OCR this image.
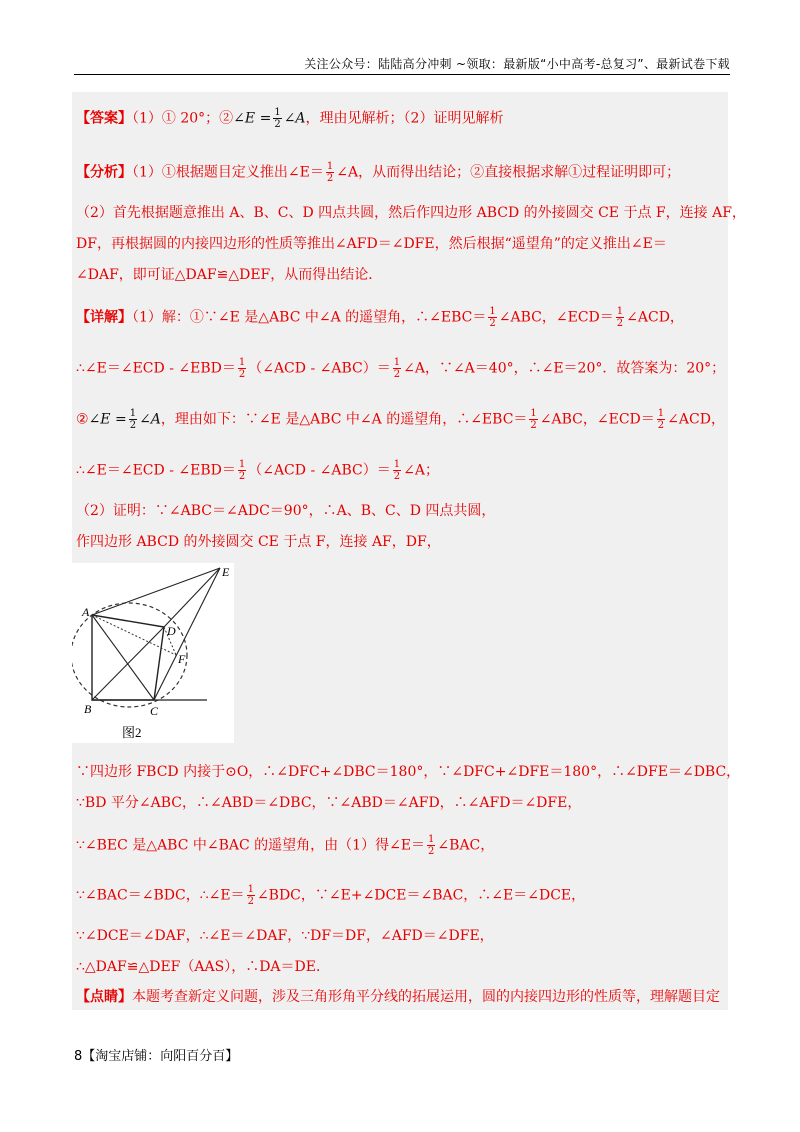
关注公众号：陆陆高分冲刺 ~领取：最新版“小中高考-总复习”、最新试卷下载
【答案】（1）① 20°；②∠E = $\frac{1}{2}$ ∠A，理由见解析；（2）证明见解析
【分析】（1）①根据题目定义推出∠E＝ $\frac{1}{2}$ ∠A，从而得出结论；②直接根据求解①过程证明即可；
（2）首先根据题意推出 A、B、C、D 四点共圆，然后作四边形 ABCD 的外接圆交 CE 于点 F，连接 AF，
DF，再根据圆的内接四边形的性质等推出∠AFD＝∠DFE，然后根据“遥望角”的定义推出∠E＝
∠DAF，即可证△DAF≌△DEF，从而得出结论．
【详解】（1）解：①∵∠E 是△ABC 中∠A 的遥望角，∴∠EBC＝ $\frac{1}{2}$ ∠ABC，∠ECD＝ $\frac{1}{2}$ ∠ACD，
∴∠E＝∠ECD - ∠EBD＝ $\frac{1}{2}$ （∠ACD - ∠ABC）＝ $\frac{1}{2}$ ∠A，∵∠A＝40°，∴∠E＝20°．故答案为：20°；
②∠E = $\frac{1}{2}$ ∠A，理由如下：∵∠E 是△ABC 中∠A 的遥望角，∴∠EBC＝ $\frac{1}{2}$ ∠ABC，∠ECD＝ $\frac{1}{2}$ ∠ACD，
∴∠E＝∠ECD - ∠EBD＝ $\frac{1}{2}$ （∠ACD - ∠ABC）＝ $\frac{1}{2}$ ∠A；
（2）证明：∵∠ABC＝∠ADC＝90°，∴A、B、C、D 四点共圆，
作四边形 ABCD 的外接圆交 CE 于点 F，连接 AF，DF，
A
B	C
D
E
F
图2
∵四边形 FBCD 内接于⊙O，∴∠DFC+∠DBC＝180°，∵∠DFC+∠DFE＝180°，∴∠DFE＝∠DBC，
∵BD 平分∠ABC，∴∠ABD＝∠DBC，∵∠ABD＝∠AFD，∴∠AFD＝∠DFE，
∵∠BEC 是△ABC 中∠BAC 的遥望角，由（1）得∠E＝ $\frac{1}{2}$ ∠BAC，
∵∠BAC＝∠BDC，∴∠E＝ $\frac{1}{2}$ ∠BDC，∵∠E+∠DCE＝∠BAC，∴∠E＝∠DCE，
∵∠DCE＝∠DAF，∴∠E＝∠DAF，∵DF＝DF，∠AFD＝∠DFE，
∴△DAF≌△DEF（AAS），∴DA＝DE．
【点睛】本题考查新定义问题，涉及三角形角平分线的拓展运用，圆的内接四边形的性质等，理解题目定
8【淘宝店铺：向阳百分百】
